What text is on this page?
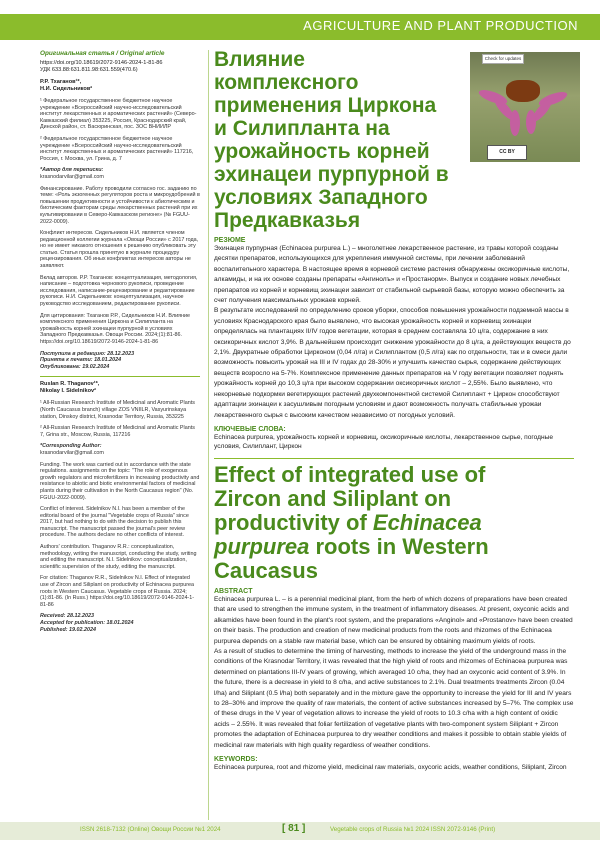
AGRICULTURE AND PLANT PRODUCTION
Оригинальная статья / Original article
https://doi.org/10.18619/2072-9146-2024-1-81-86
УДК 633.88:631.811.98:631.559(470.6)
Р.Р. Тхаганов¹*,
Н.И. Сидельников²
¹ Федеральное государственное бюджетное научное учреждение «Всероссийский научно-исследовательский институт лекарственных и ароматических растений» (Северо-Кавказский филиал) 353225, Россия, Краснодарский край, Динской район, ст. Васюринская, пос. ЗОС ВНИИЛР
² Федеральное государственное бюджетное научное учреждение «Всероссийский научно-исследовательский институт лекарственных и ароматических растений» 117216, Россия, г. Москва, ул. Грина, д. 7
*Автор для переписки:
krasnodarvilar@gmail.com
Финансирование. Работу проводили согласно гос. заданию по теме: «Роль экзогенных регуляторов роста и микроудобрений в повышении продуктивности и устойчивости к абиотическим и биотическим факторам среды лекарственных растений при их культивировании в Северо-Кавказском регионе» (№ FGUU-2022-0009).
Конфликт интересов. Сидельников Н.И. является членом редакционной коллегии журнала «Овощи России» с 2017 года, но не имеет никакого отношения к решению опубликовать эту статью. Статья прошла принятую в журнале процедуру рецензирования. Об иных конфликтах интересов авторы не заявляют.
Вклад авторов. Р.Р. Тхаганов: концептуализация, методология, написание – подготовка чернового рукописи, проведение исследования, написание-рецензирование и редактирование рукописи. Н.И. Сидельников: концептуализация, научное руководство исследованием, редактирование рукописи.
Для цитирования: Тхаганов Р.Р., Сидельников Н.И. Влияние комплексного применения Циркона и Силипланта на урожайность корней эхинацеи пурпурной в условиях Западного Предкавказья. Овощи России. 2024;(1):81-86. https://doi.org/10.18619/2072-9146-2024-1-81-86
Поступила в редакцию: 28.12.2023
Принята к печати: 18.01.2024
Опубликована: 19.02.2024
Ruslan R. Thaganov¹*,
Nikolay I. Sidelnikov²
¹ All-Russian Research Institute of Medicinal and Aromatic Plants (North Caucasus branch) village ZOS VNIILR, Vasyurinskaya station, Dinskoy district, Krasnodar Territory, Russia, 353225
² All-Russian Research Institute of Medicinal and Aromatic Plants 7, Grina str., Moscow, Russia, 117216
*Corresponding Author:
krasnodarvilar@gmail.com
Funding. The work was carried out in accordance with the state regulations. assignments on the topic: "The role of exogenous growth regulators and microfertilizers in increasing productivity and resistance to abiotic and biotic environmental factors of medicinal plants during their cultivation in the North Caucasus region" (No. FGUU-2022-0009).
Conflict of interest. Sidelnikov N.I. has been a member of the editorial board of the journal "Vegetable crops of Russia" since 2017, but had nothing to do with the decision to publish this manuscript. The manuscript passed the journal's peer review procedure. The authors declare no other conflicts of interest.
Authors' contribution. Thaganov R.R.: conceptualization, methodology, writing the manuscript, conducting the study, writing and editing the manuscript. N.I. Sidelnikov: conceptualization, scientific supervision of the study, editing the manuscript.
For citation: Thaganov R.R., Sidelnikov N.I. Effect of integrated use of Zircon and Siliplant on productivity of Echinacea purpurea roots in Western Caucasus. Vegetable crops of Russia. 2024;(1):81-86. (In Russ.) https://doi.org/10.18619/2072-9146-2024-1-81-86
Received: 28.12.2023
Accepted for publication: 18.01.2024
Published: 19.02.2024
Check for updates
CC BY
Влияние комплексного применения Циркона и Силипланта на урожайность корней эхинацеи пурпурной в условиях Западного Предкавказья
РЕЗЮМЕ

Эхинацея пурпурная (Echinacea purpurea L.) – многолетнее лекарственное растение, из травы которой созданы десятки препаратов, использующихся для укрепления иммунной системы, при лечении заболеваний воспалительного характера. В настоящее время в корневой системе растения обнаружены оксикоричные кислоты, алкамиды, и на их основе созданы препараты «Ангинолъ» и «Простаноpм». Выпуск и создание новых лечебных препаратов из корней и корневищ эхинацеи зависит от стабильной сырьевой базы, которую можно обеспечить за счет получения максимальных урожаев корней.

В результате исследований по определению сроков уборки, способов повышения урожайности подземной массы в условиях Краснодарского края было выявлено, что высокая урожайность корней и корневищ эхинацеи определялась на плантациях II/IV годов вегетации, которая в среднем составляла 10 ц/га, содержание в них оксикоричных кислот 3,9%. В дальнейшем происходит снижение урожайности до 8 ц/га, а действующих веществ до 2,1%. Двукратные обработки Цирконом (0,04 л/га) и Силиплантом (0,5 л/га) как по отдельности, так и в смеси дали возможность повысить урожай на III и IV годах до 28-30% и улучшить качество сырья, содержание действующих веществ возросло на 5-7%. Комплексное применение данных препаратов на V году вегетации позволяет поднять урожайность корней до 10,3 ц/га при высоком содержании оксикоричных кислот – 2,55%. Было выявлено, что некорневые подкормки вегетирующих растений двухкомпонентной системой Силиплант + Циркон способствуют адаптации эхинацеи к засушливым погодным условиям и дают возможность получать стабильные урожаи лекарственного сырья с высоким качеством независимо от погодных условий.

КЛЮЧЕВЫЕ СЛОВА:

Echinacea purpurea, урожайность корней и корневищ, оксикоричные кислоты, лекарственное сырье, погодные условия, Силиплант, Циркон

Effect of integrated use of Zircon and Siliplant on productivity of Echinacea purpurea roots in Western Caucasus
ABSTRACT

Echinacea purpurea L. – is a perennial medicinal plant, from the herb of which dozens of preparations have been created that are used to strengthen the immune system, in the treatment of inflammatory diseases. At present, oxyconic acids and alkamides have been found in the plant's root system, and the preparations «Anginol» and «Prostanov» have been created on their basis. The production and creation of new medicinal products from the roots and rhizomes of the Echinacea purpurea depends on a stable raw material base, which can be ensured by obtaining maximum yields of roots.

As a result of studies to determine the timing of harvesting, methods to increase the yield of the underground mass in the conditions of the Krasnodar Territory, it was revealed that the high yield of roots and rhizomes of Echinacea purpurea was determined on plantations III-IV years of growing, which averaged 10 c/ha, they had an oxyconic acid content of 3.9%. In the future, there is a decrease in yield to 8 c/ha, and active substances to 2.1%. Dual treatments treatments Zircon (0.04 l/ha) and Siliplant (0.5 l/ha) both separately and in the mixture gave the opportunity to increase the yield for III and IV years to 28–30% and improve the quality of raw materials, the content of active substances increased by 5–7%. The complex use of these drugs in the V year of vegetation allows to increase the yield of roots to 10.3 c/ha with a high content of oxidic acids – 2.55%. It was revealed that foliar fertilization of vegetative plants with two-component system Siliplant + Zircon promotes the adaptation of Echinacea purpurea to dry weather conditions and makes it possible to obtain stable yields of medicinal raw materials with high quality regardless of weather conditions.

KEYWORDS:

Echinacea purpurea, root and rhizome yield, medicinal raw materials, oxycoric acids, weather conditions, Siliplant, Zircon

ISSN 2618-7132 (Online) Овощи России №1 2024	[ 81 ]	Vegetable crops of Russia №1 2024 ISSN 2072-9146 (Print)
